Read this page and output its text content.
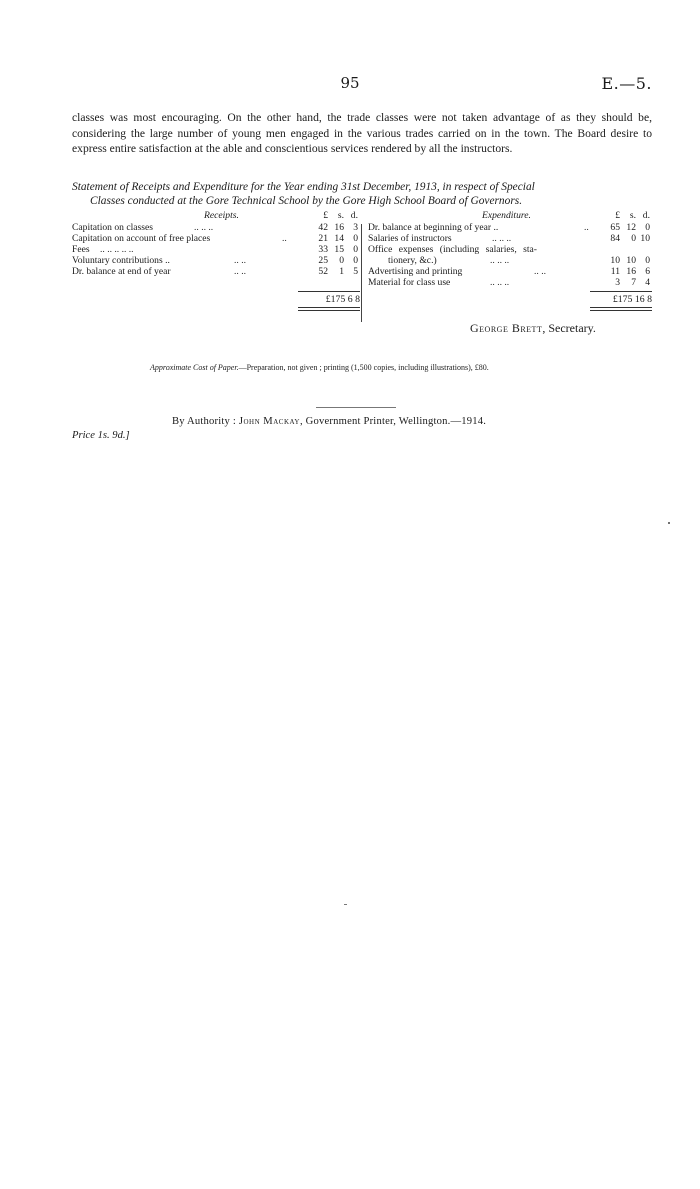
95	E.—5.

classes was most encouraging. On the other hand, the trade classes were not taken advantage of as they should be, considering the large number of young men engaged in the various trades carried on in the town. The Board desire to express entire satisfaction at the able and conscientious services rendered by all the instructors.

Statement of Receipts and Expenditure for the Year ending 31st December, 1913, in respect of Special
Classes conducted at the Gore Technical School by the Gore High School Board of Governors.
Receipts.	£ s. d.
Capitation on classes	.. .. ..	42 16 3
Capitation on account of free places	..	21 14 0
Fees .. .. .. .. ..	33 15 0
Voluntary contributions ..	.. ..	25 0 0
Dr. balance at end of year	.. ..	52 1 5
£175 6 8
Expenditure.	£ s. d.
Dr. balance at beginning of year ..	..	65 12 0
Salaries of instructors	.. .. ..	84 0 10
Office expenses (including salaries, sta-
tionery, &c.)	.. .. ..	10 10 0
Advertising and printing	.. ..	11 16 6
Material for class use	.. .. ..	3 7 4
£175 16 8
George Brett, Secretary.
Approximate Cost of Paper.—Preparation, not given ; printing (1,500 copies, including illustrations), £80.
By Authority : John Mackay, Government Printer, Wellington.—1914.
Price 1s. 9d.]
